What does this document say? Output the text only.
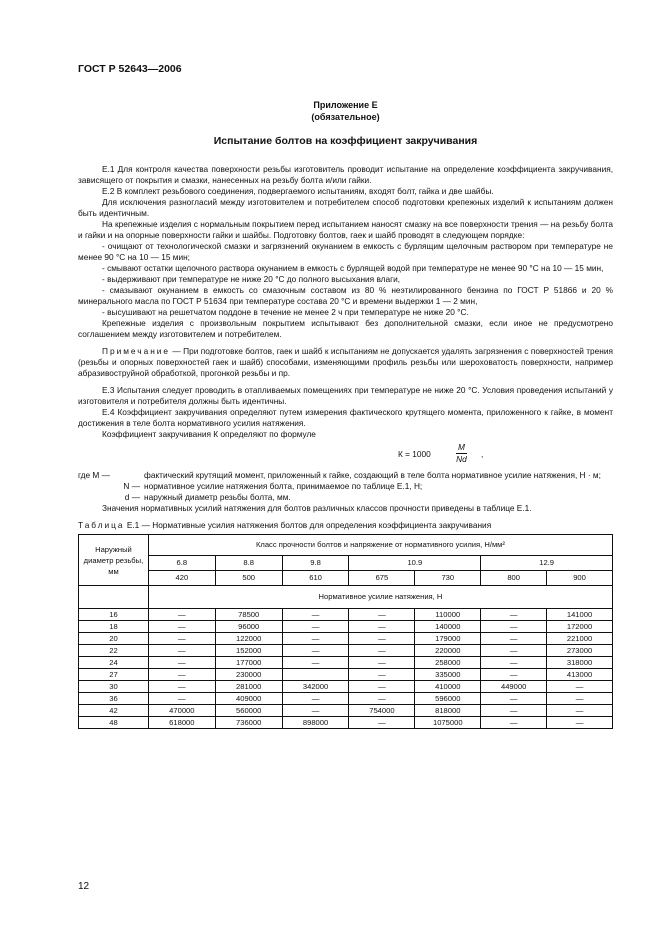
ГОСТ Р 52643—2006
Приложение Е
(обязательное)
Испытание болтов на коэффициент закручивания

Е.1 Для контроля качества поверхности резьбы изготовитель проводит испытание на определение коэффициента закручивания, зависящего от покрытия и смазки, нанесенных на резьбу болта и/или гайки.

Е.2 В комплект резьбового соединения, подвергаемого испытаниям, входят болт, гайка и две шайбы.

Для исключения разногласий между изготовителем и потребителем способ подготовки крепежных изделий к испытаниям должен быть идентичным.

На крепежные изделия с нормальным покрытием перед испытанием наносят смазку на все поверхности трения — на резьбу болта и гайки и на опорные поверхности гайки и шайбы. Подготовку болтов, гаек и шайб проводят в следующем порядке:

- очищают от технологической смазки и загрязнений окунанием в емкость с бурлящим щелочным раствором при температуре не менее 90 °С на 10 — 15 мин;

- смывают остатки щелочного раствора окунанием в емкость с бурлящей водой при температуре не менее 90 °С на 10 — 15 мин,

- выдерживают при температуре не ниже 20 °С до полного высыхания влаги,

- смазывают окунанием в емкость со смазочным составом из 80 % неэтилированного бензина по ГОСТ Р 51866 и 20 % минерального масла по ГОСТ Р 51634 при температуре состава 20 °С и времени выдержки 1 — 2 мин,

- высушивают на решетчатом поддоне в течение не менее 2 ч при температуре не ниже 20 °С.

Крепежные изделия с произвольным покрытием испытывают без дополнительной смазки, если иное не предусмотрено соглашением между изготовителем и потребителем.

Примечание — При подготовке болтов, гаек и шайб к испытаниям не допускается удалять загрязнения с поверхностей трения (резьбы и опорных поверхностей гаек и шайб) способами, изменяющими профиль резьбы или шероховатость поверхности, например абразивоструйной обработкой, прогонкой резьбы и пр.

Е.3 Испытания следует проводить в отапливаемых помещениях при температуре не ниже 20 °С. Условия проведения испытаний у изготовителя и потребителя должны быть идентичны.

Е.4 Коэффициент закручивания определяют путем измерения фактического крутящего момента, приложенного к гайке, в момент достижения в теле болта нормативного усилия натяжения.

Коэффициент закручивания К определяют по формуле

К = 1000	$\frac{M}{Nd}$ ,
где M —	фактический крутящий момент, приложенный к гайке, создающий в теле болта нормативное усилие натяжения, Н · м;
N — нормативное усилие натяжения болта, принимаемое по таблице Е.1, Н;
d — наружный диаметр резьбы болта, мм.

Значения нормативных усилий натяжения для болтов различных классов прочности приведены в таблице Е.1.

Таблица Е.1 — Нормативные усилия натяжения болтов для определения коэффициента закручивания
Наружный диаметр резьбы, мм	Класс прочности болтов и напряжение от нормативного усилия, Н/мм²						
	6.8	8.8	9.8	10.9		12.9	
	420	500	610	675	730	800	900
	Нормативное усилие натяжения, Н						
16	—	78500	—	—	110000	—	141000
18	—	96000	—	—	140000	—	172000
20	—	122000	—	—	179000	—	221000
22	—	152000	—	—	220000	—	273000
24	—	177000	—	—	258000	—	318000
27	—	230000		—	335000	—	413000
30	—	281000	342000	—	410000	449000	—
36	—	409000	—	—	596000	—	—
42	470000	560000	—	754000	818000	—	—
48	618000	736000	898000	—	1075000	—	—
12
